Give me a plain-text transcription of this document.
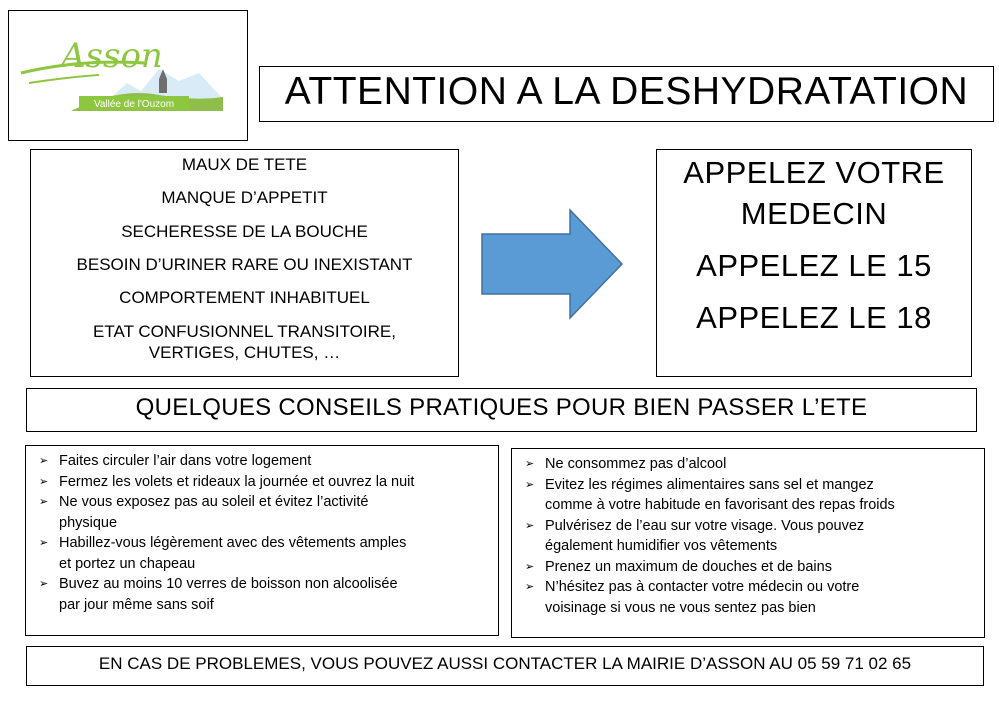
Asson
Vallée de l'Ouzom	ATTENTION A LA DESHYDRATATION
MAUX DE TETE
MANQUE D’APPETIT
SECHERESSE DE LA BOUCHE
BESOIN D’URINER RARE OU INEXISTANT
COMPORTEMENT INHABITUEL
ETAT CONFUSIONNEL TRANSITOIRE,
VERTIGES, CHUTES, …
APPELEZ VOTRE
MEDECIN
APPELEZ LE 15
APPELEZ LE 18
QUELQUES CONSEILS PRATIQUES POUR BIEN PASSER L’ETE
➢ Faites circuler l’air dans votre logement
➢ Fermez les volets et rideaux la journée et ouvrez la nuit
➢ Ne vous exposez pas au soleil et évitez l’activité
physique
➢ Habillez-vous légèrement avec des vêtements amples
et portez un chapeau
➢ Buvez au moins 10 verres de boisson non alcoolisée
par jour même sans soif
➢ Ne consommez pas d’alcool
➢ Evitez les régimes alimentaires sans sel et mangez
comme à votre habitude en favorisant des repas froids
➢ Pulvérisez de l’eau sur votre visage. Vous pouvez
également humidifier vos vêtements
➢ Prenez un maximum de douches et de bains
➢ N’hésitez pas à contacter votre médecin ou votre
voisinage si vous ne vous sentez pas bien
EN CAS DE PROBLEMES, VOUS POUVEZ AUSSI CONTACTER LA MAIRIE D’ASSON AU 05 59 71 02 65
